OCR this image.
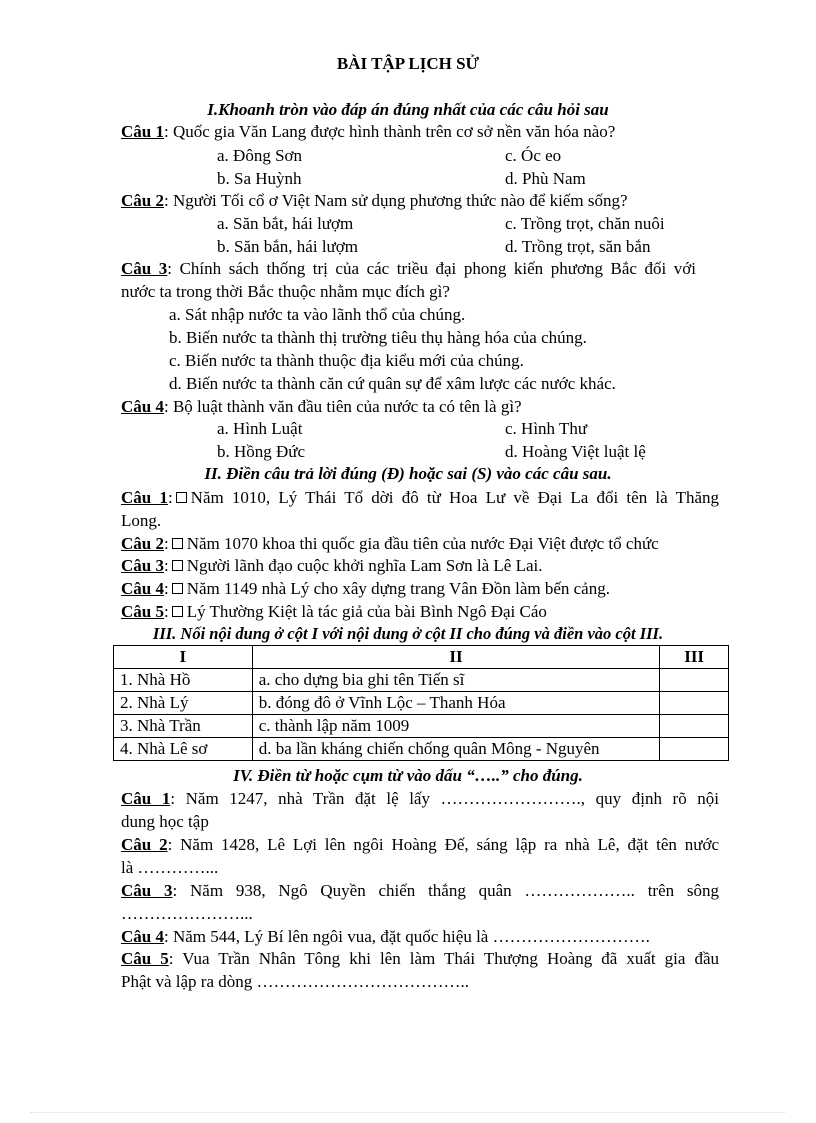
BÀI TẬP LỊCH SỬ
I.Khoanh tròn vào đáp án đúng nhất của các câu hỏi sau
Câu 1: Quốc gia Văn Lang được hình thành trên cơ sở nền văn hóa nào?
a. Đông Sơn	c. Óc eo
b. Sa Huỳnh	d. Phù Nam
Câu 2: Người Tối cổ ơ Việt Nam sử dụng phương thức nào để kiếm sống?
a. Săn bắt, hái lượm	c. Trồng trọt, chăn nuôi
b. Săn bắn, hái lượm	d. Trồng trọt, săn bắn
Câu 3: Chính sách thống trị của các triều đại phong kiến phương Bắc đối với
nước ta trong thời Bắc thuộc nhằm mục đích gì?
a. Sát nhập nước ta vào lãnh thổ của chúng.
b. Biến nước ta thành thị trường tiêu thụ hàng hóa của chúng.
c. Biến nước ta thành thuộc địa kiểu mới của chúng.
d. Biến nước ta thành căn cứ quân sự để xâm lược các nước khác.
Câu 4: Bộ luật thành văn đầu tiên của nước ta có tên là gì?
a. Hình Luật	c. Hình Thư
b. Hồng Đức	d. Hoàng Việt luật lệ
II. Điền câu trả lời đúng (Đ) hoặc sai (S) vào các câu sau.
Câu 1: Năm 1010, Lý Thái Tổ dời đô từ Hoa Lư về Đại La đổi tên là Thăng
Long.
Câu 2: Năm 1070 khoa thi quốc gia đầu tiên của nước Đại Việt được tổ chức
Câu 3: Người lãnh đạo cuộc khởi nghĩa Lam Sơn là Lê Lai.
Câu 4: Năm 1149 nhà Lý cho xây dựng trang Vân Đồn làm bến cảng.
Câu 5: Lý Thường Kiệt là tác giả của bài Bình Ngô Đại Cáo
III. Nối nội dung ở cột I với nội dung ở cột II cho đúng và điền vào cột III.
I	II	III
1. Nhà Hồ	a. cho dựng bia ghi tên Tiến sĩ	
2. Nhà Lý	b. đóng đô ở Vĩnh Lộc – Thanh Hóa	
3. Nhà Trần	c. thành lập năm 1009	
4. Nhà Lê sơ	d. ba lần kháng chiến chống quân Mông - Nguyên	
IV. Điền từ hoặc cụm từ vào dấu “…..” cho đúng.
Câu 1: Năm 1247, nhà Trần đặt lệ lấy ……………………., quy định rõ nội
dung học tập
Câu 2: Năm 1428, Lê Lợi lên ngôi Hoàng Đế, sáng lập ra nhà Lê, đặt tên nước
là …………...
Câu 3: Năm 938, Ngô Quyền chiến thắng quân ……………….. trên sông
…………………...
Câu 4: Năm 544, Lý Bí lên ngôi vua, đặt quốc hiệu là ……………………….
Câu 5: Vua Trần Nhân Tông khi lên làm Thái Thượng Hoàng đã xuất gia đầu
Phật và lập ra dòng ………………………………..
